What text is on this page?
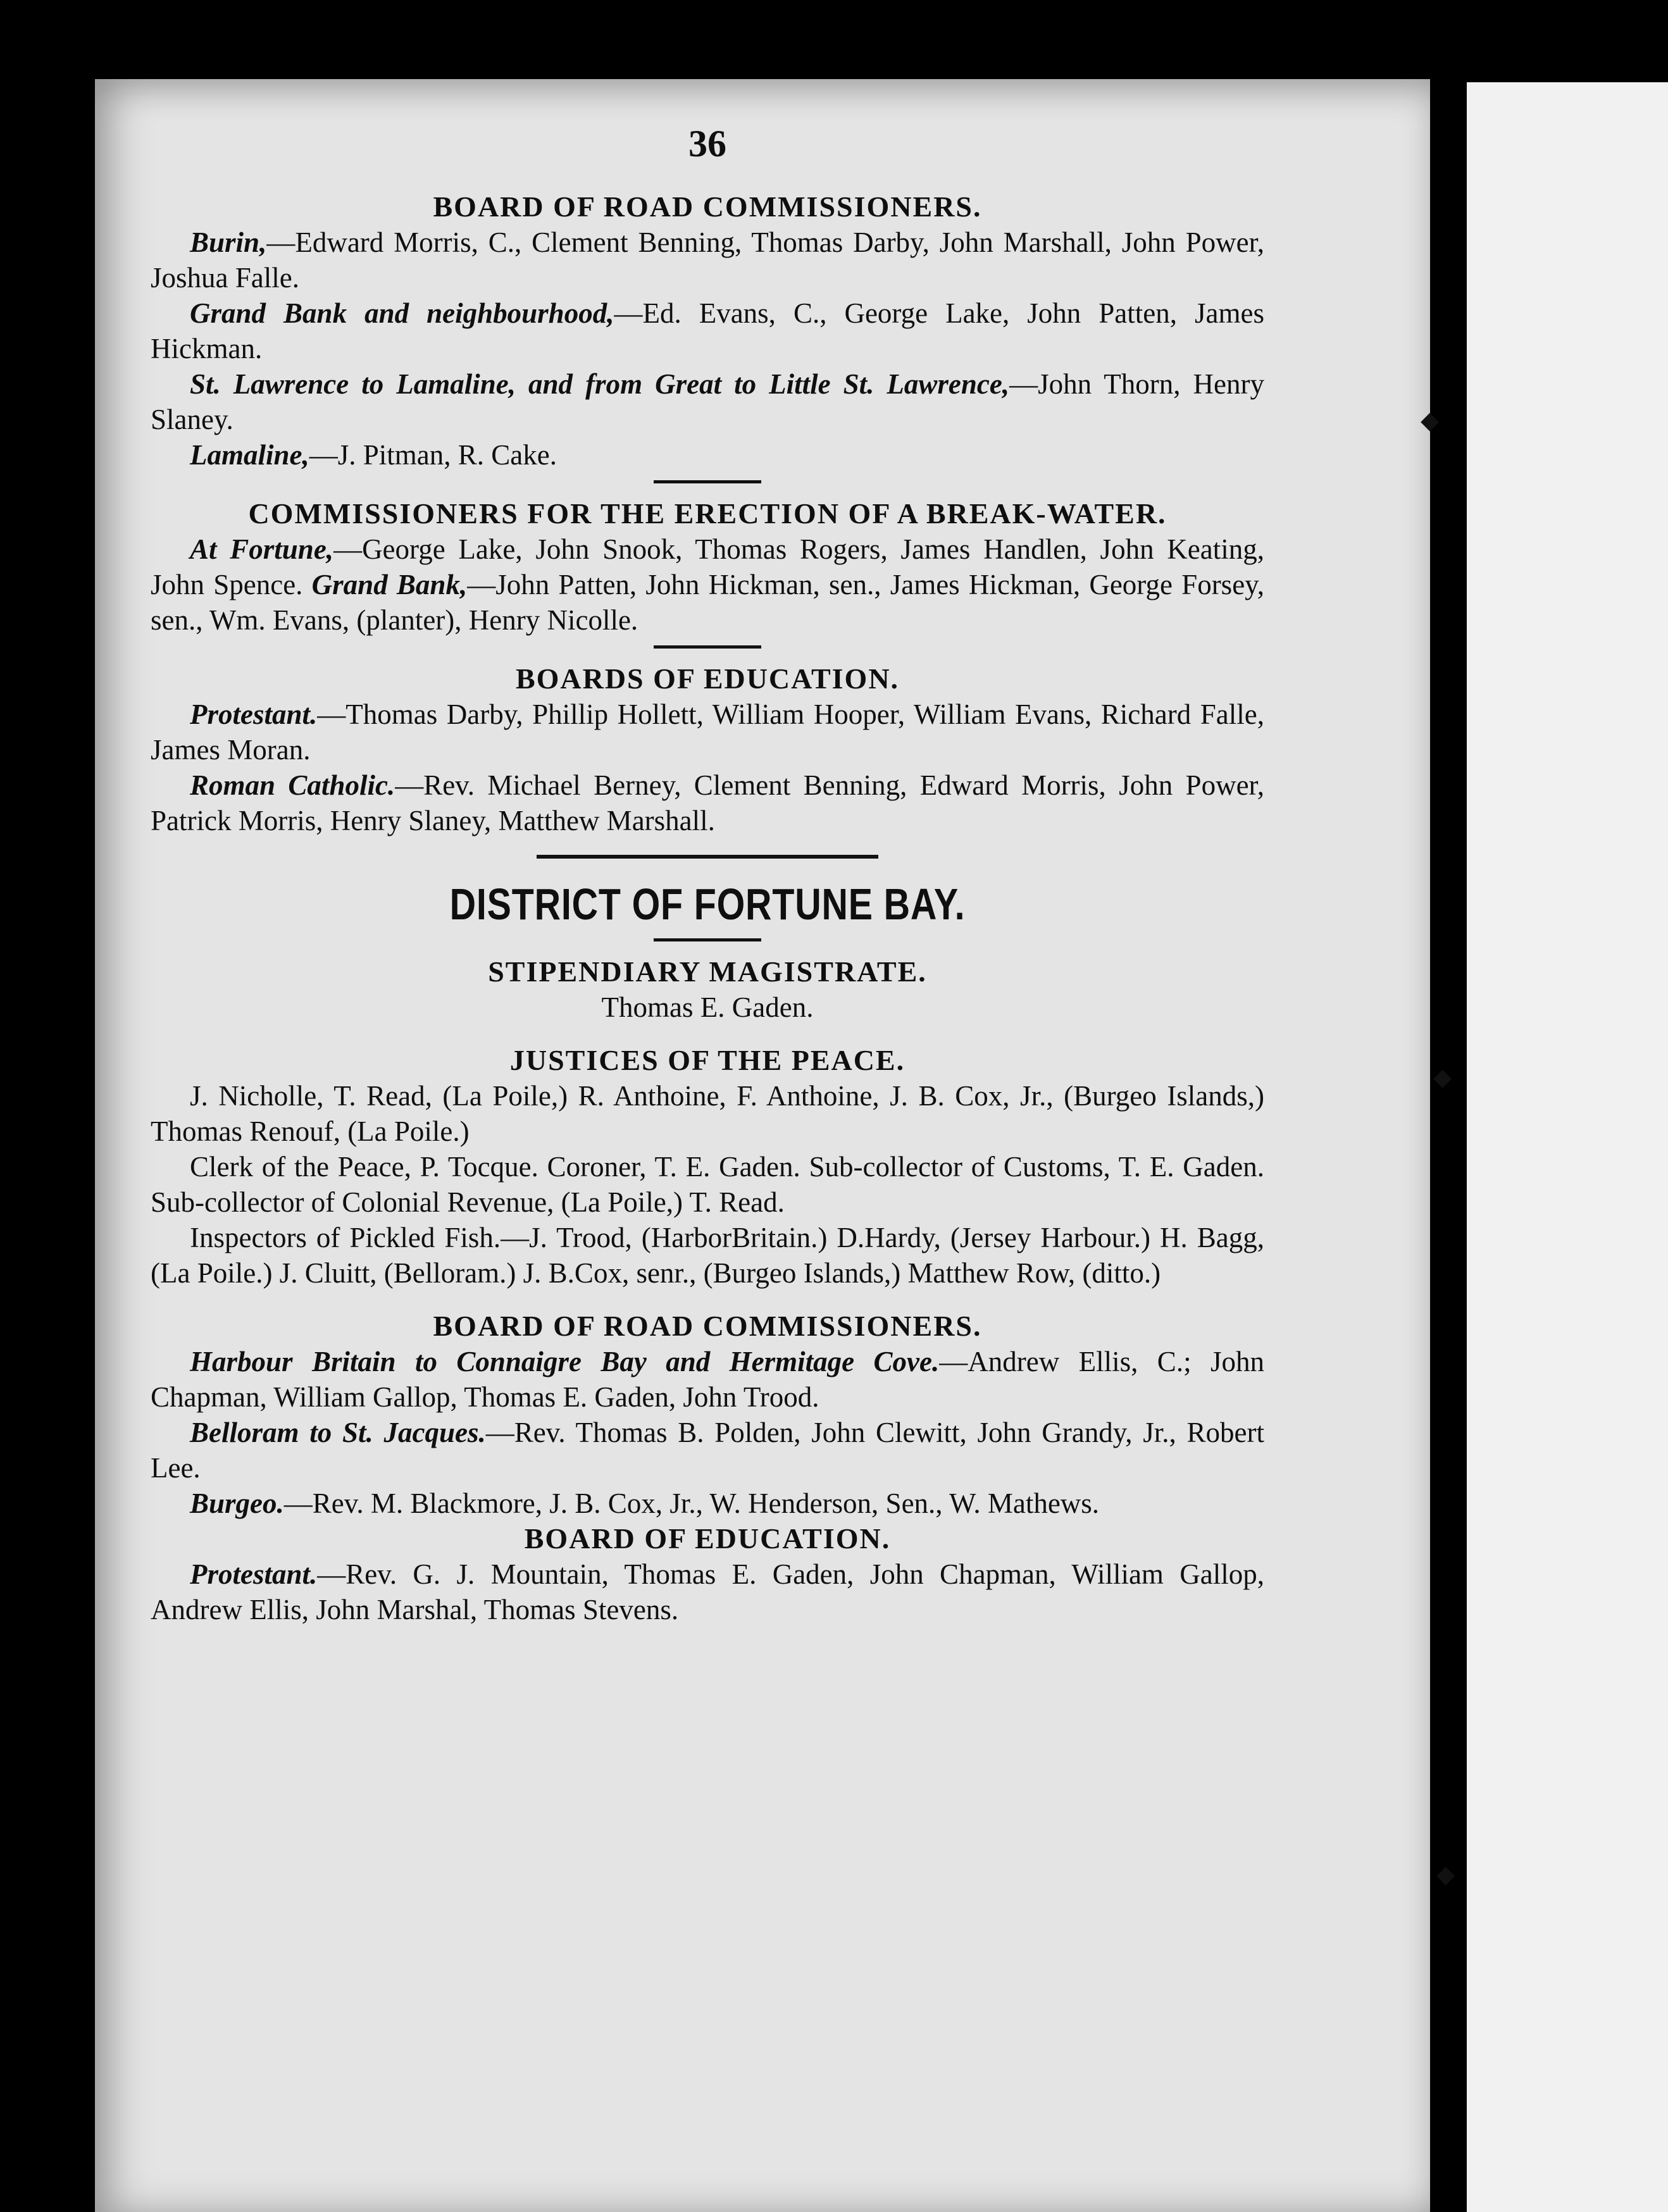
◆
◆
◆
36
BOARD OF ROAD COMMISSIONERS.

Burin,—Edward Morris, C., Clement Benning, Thomas Darby, John Marshall, John Power, Joshua Falle.

Grand Bank and neighbourhood,—Ed. Evans, C., George Lake, John Patten, James Hickman.

St. Lawrence to Lamaline, and from Great to Little St. Lawrence,—John Thorn, Henry Slaney.

Lamaline,—J. Pitman, R. Cake.

COMMISSIONERS FOR THE ERECTION OF A BREAK-WATER.

At Fortune,—George Lake, John Snook, Thomas Rogers, James Handlen, John Keating, John Spence. Grand Bank,—John Patten, John Hickman, sen., James Hickman, George Forsey, sen., Wm. Evans, (planter), Henry Nicolle.

BOARDS OF EDUCATION.

Protestant.—Thomas Darby, Phillip Hollett, William Hooper, William Evans, Richard Falle, James Moran.

Roman Catholic.—Rev. Michael Berney, Clement Benning, Edward Morris, John Power, Patrick Morris, Henry Slaney, Matthew Marshall.

DISTRICT OF FORTUNE BAY.
STIPENDIARY MAGISTRATE.

Thomas E. Gaden.

JUSTICES OF THE PEACE.

J. Nicholle, T. Read, (La Poile,) R. Anthoine, F. Anthoine, J. B. Cox, Jr., (Burgeo Islands,) Thomas Renouf, (La Poile.)

Clerk of the Peace, P. Tocque. Coroner, T. E. Gaden. Sub-collector of Customs, T. E. Gaden. Sub-collector of Colonial Revenue, (La Poile,) T. Read.

Inspectors of Pickled Fish.—J. Trood, (HarborBritain.) D.Hardy, (Jersey Harbour.) H. Bagg, (La Poile.) J. Cluitt, (Belloram.) J. B.Cox, senr., (Burgeo Islands,) Matthew Row, (ditto.)

BOARD OF ROAD COMMISSIONERS.

Harbour Britain to Connaigre Bay and Hermitage Cove.—Andrew Ellis, C.; John Chapman, William Gallop, Thomas E. Gaden, John Trood.

Belloram to St. Jacques.—Rev. Thomas B. Polden, John Clewitt, John Grandy, Jr., Robert Lee.

Burgeo.—Rev. M. Blackmore, J. B. Cox, Jr., W. Henderson, Sen., W. Mathews.

BOARD OF EDUCATION.

Protestant.—Rev. G. J. Mountain, Thomas E. Gaden, John Chapman, William Gallop, Andrew Ellis, John Marshal, Thomas Stevens.
